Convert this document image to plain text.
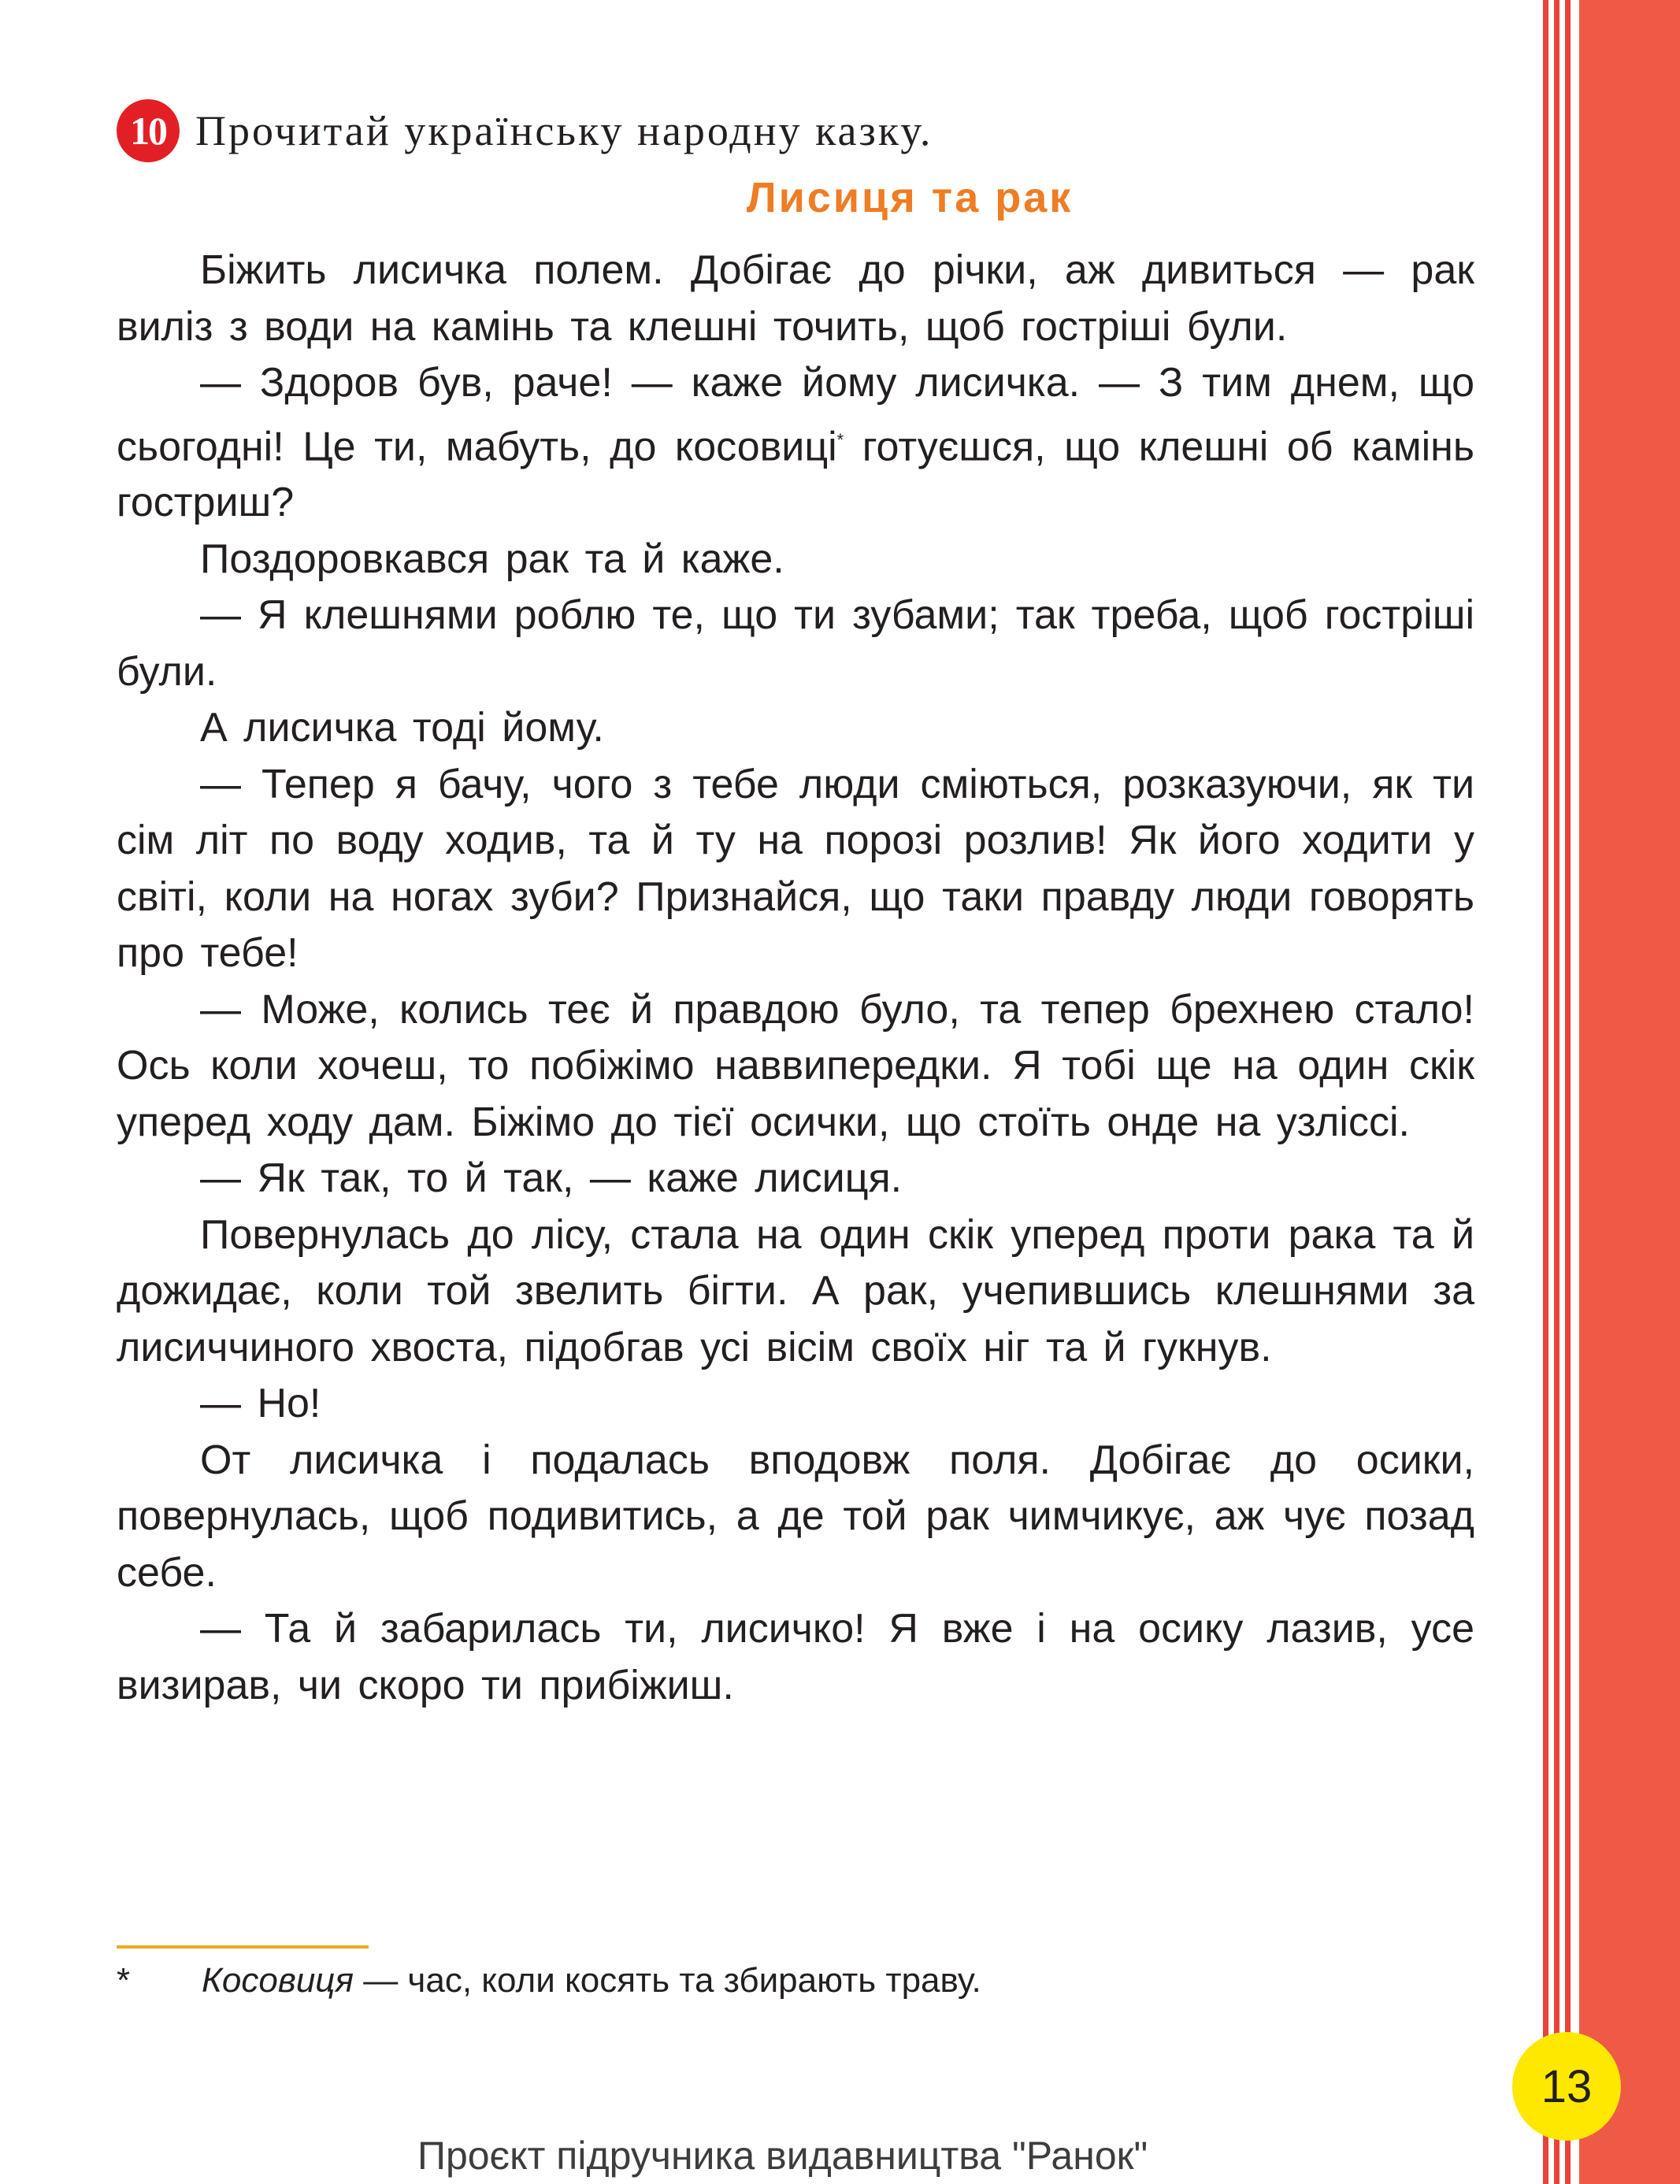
10 Прочитай українську народну казку.
Лисиця та рак

Біжить лисичка полем. Добігає до річки, аж дивиться — рак виліз з води на камінь та клешні точить, щоб гостріші були.

— Здоров був, раче! — каже йому лисичка. — З тим днем, що сьогодні! Це ти, мабуть, до косовиці* готуєшся, що клешні об камінь гостриш?

Поздоровкався рак та й каже.

— Я клешнями роблю те, що ти зубами; так треба, щоб гостріші були.

А лисичка тоді йому.

— Тепер я бачу, чого з тебе люди сміються, розказуючи, як ти сім літ по воду ходив, та й ту на порозі розлив! Як його ходити у світі, коли на ногах зуби? Признайся, що таки правду люди говорять про тебе!

— Може, колись теє й правдою було, та тепер брехнею стало! Ось коли хочеш, то побіжімо наввипередки. Я тобі ще на один скік уперед ходу дам. Біжімо до тієї осички, що стоїть онде на узліссі.

— Як так, то й так, — каже лисиця.

Повернулась до лісу, стала на один скік уперед проти рака та й дожидає, коли той звелить бігти. А рак, учепившись клешнями за лисиччиного хвоста, підобгав усі вісім своїх ніг та й гукнув.

— Но!

От лисичка і подалась вподовж поля. Добігає до осики, повернулась, щоб подивитись, а де той рак чимчикує, аж чує позад себе.

— Та й забарилась ти, лисичко! Я вже і на осику лазив, усе визирав, чи скоро ти прибіжиш.

*	Косовиця — час, коли косять та збирають траву.
13
Проєкт підручника видавництва "Ранок"
